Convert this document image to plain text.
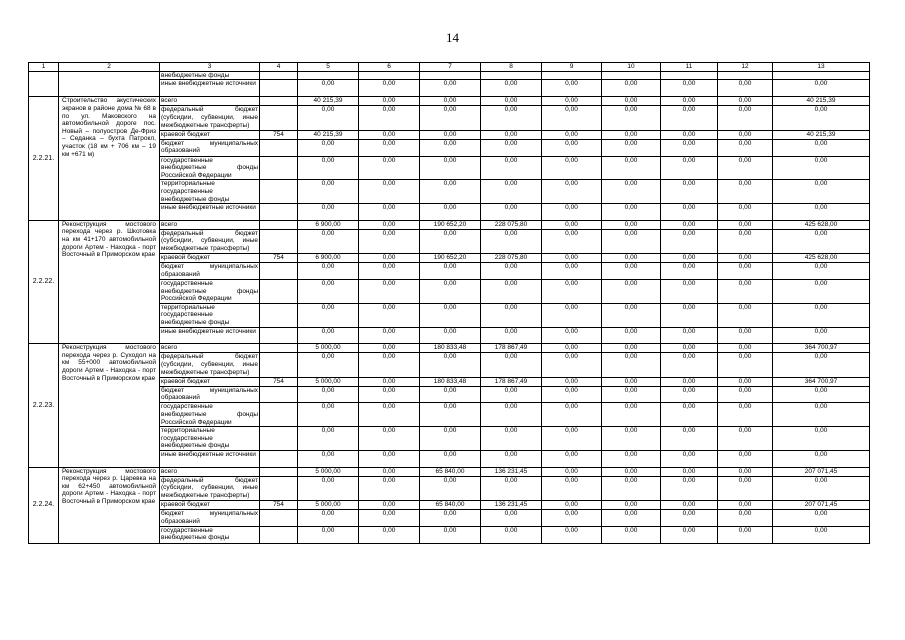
14
1	2	3	4	5	6	7	8	9	10	11	12	13
		внебюджетные фонды										
		иные внебюджетные источники		0,00	0,00	0,00	0,00	0,00	0,00	0,00	0,00	0,00
2.2.21.	Строительство акустических экранов в районе дома № 68 в по ул. Маковского на автомобильной дороге пос. Новый – полуостров Де-Фриз – Седанка – бухта Патрокл, участок (18 км + 706 км – 19 км +671 м)	всего		40 215,39	0,00	0,00	0,00	0,00	0,00	0,00	0,00	40 215,39
		федеральный бюджет (субсидии, субвенции, иные межбюджетные трансферты)		0,00	0,00	0,00	0,00	0,00	0,00	0,00	0,00	0,00
		краевой бюджет	754	40 215,39	0,00	0,00	0,00	0,00	0,00	0,00	0,00	40 215,39
		бюджет муниципальных образований		0,00	0,00	0,00	0,00	0,00	0,00	0,00	0,00	0,00
		государственные внебюджетные фонды Российской Федерации		0,00	0,00	0,00	0,00	0,00	0,00	0,00	0,00	0,00
		территориальные государственные внебюджетные фонды		0,00	0,00	0,00	0,00	0,00	0,00	0,00	0,00	0,00
		иные внебюджетные источники		0,00	0,00	0,00	0,00	0,00	0,00	0,00	0,00	0,00
2.2.22.	Реконструкция мостового перехода через р. Шкотовка на км 41+170 автомобильной дороги Артем - Находка - порт Восточный в Приморском крае	всего		6 900,00	0,00	190 652,20	228 075,80	0,00	0,00	0,00	0,00	425 628,00
		федеральный бюджет (субсидии, субвенции, иные межбюджетные трансферты)		0,00	0,00	0,00	0,00	0,00	0,00	0,00	0,00	0,00
		краевой бюджет	754	6 900,00	0,00	190 652,20	228 075,80	0,00	0,00	0,00	0,00	425 628,00
		бюджет муниципальных образований		0,00	0,00	0,00	0,00	0,00	0,00	0,00	0,00	0,00
		государственные внебюджетные фонды Российской Федерации		0,00	0,00	0,00	0,00	0,00	0,00	0,00	0,00	0,00
		территориальные государственные внебюджетные фонды		0,00	0,00	0,00	0,00	0,00	0,00	0,00	0,00	0,00
		иные внебюджетные источники		0,00	0,00	0,00	0,00	0,00	0,00	0,00	0,00	0,00
2.2.23.	Реконструкция мостового перехода через р. Суходол на км 55+000 автомобильной дороги Артем - Находка - порт Восточный в Приморском крае	всего		5 000,00	0,00	180 833,48	178 867,49	0,00	0,00	0,00	0,00	364 700,97
		федеральный бюджет (субсидии, субвенции, иные межбюджетные трансферты)		0,00	0,00	0,00	0,00	0,00	0,00	0,00	0,00	0,00
		краевой бюджет	754	5 000,00	0,00	180 833,48	178 867,49	0,00	0,00	0,00	0,00	364 700,97
		бюджет муниципальных образований		0,00	0,00	0,00	0,00	0,00	0,00	0,00	0,00	0,00
		государственные внебюджетные фонды Российской Федерации		0,00	0,00	0,00	0,00	0,00	0,00	0,00	0,00	0,00
		территориальные государственные внебюджетные фонды		0,00	0,00	0,00	0,00	0,00	0,00	0,00	0,00	0,00
		иные внебюджетные источники		0,00	0,00	0,00	0,00	0,00	0,00	0,00	0,00	0,00
2.2.24.	Реконструкция мостового перехода через р. Царевка на км 62+450 автомобильной дороги Артем - Находка - порт Восточный в Приморском крае	всего		5 000,00	0,00	65 840,00	136 231,45	0,00	0,00	0,00	0,00	207 071,45
		федеральный бюджет (субсидии, субвенции, иные межбюджетные трансферты)		0,00	0,00	0,00	0,00	0,00	0,00	0,00	0,00	0,00
		краевой бюджет	754	5 000,00	0,00	65 840,00	136 231,45	0,00	0,00	0,00	0,00	207 071,45
		бюджет муниципальных образований		0,00	0,00	0,00	0,00	0,00	0,00	0,00	0,00	0,00
		государственные внебюджетные фонды		0,00	0,00	0,00	0,00	0,00	0,00	0,00	0,00	0,00
